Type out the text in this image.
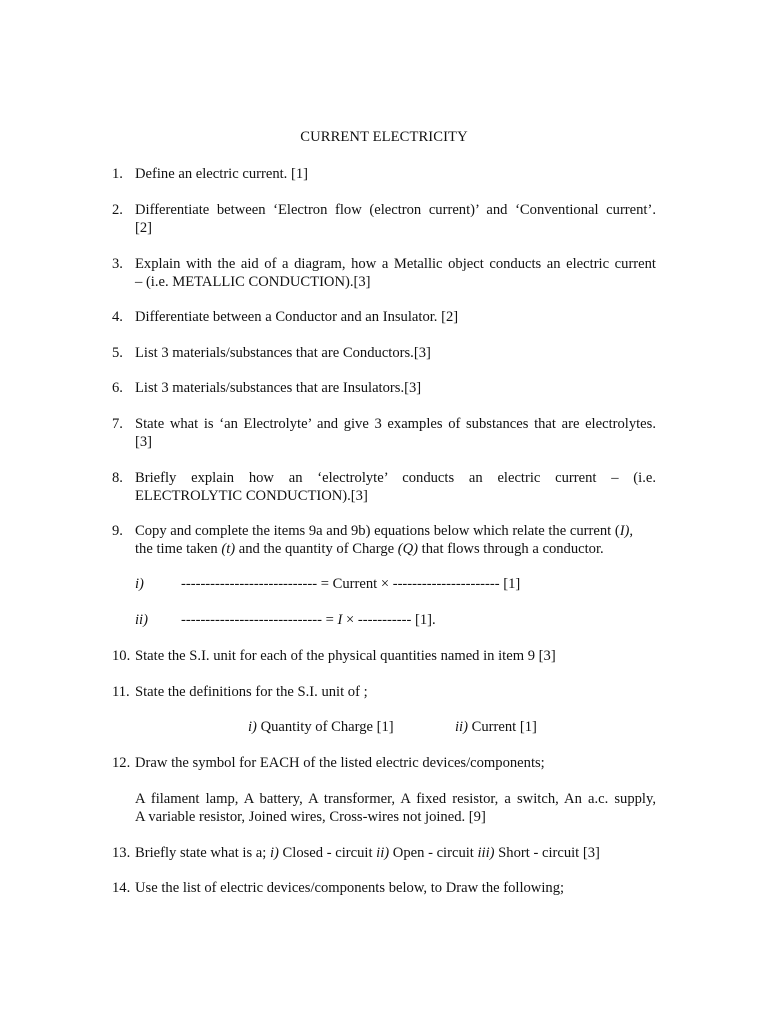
CURRENT ELECTRICITY
1. Define an electric current. [1]
2. Differentiate between ‘Electron flow (electron current)’ and ‘Conventional current’.
[2]
3. Explain with the aid of a diagram, how a Metallic object conducts an electric current
– (i.e. METALLIC CONDUCTION).[3]
4. Differentiate between a Conductor and an Insulator. [2]
5. List 3 materials/substances that are Conductors.[3]
6. List 3 materials/substances that are Insulators.[3]
7. State what is ‘an Electrolyte’ and give 3 examples of substances that are electrolytes.
[3]
8. Briefly explain how an ‘electrolyte’ conducts an electric current – (i.e.
ELECTROLYTIC CONDUCTION).[3]
9. Copy and complete the items 9a and 9b) equations below which relate the current (I),
the time taken (t) and the quantity of Charge (Q) that flows through a conductor.
i)	---------------------------- = Current × ---------------------- [1]
ii) ----------------------------- = I × ----------- [1].
10. State the S.I. unit for each of the physical quantities named in item 9 [3]
11. State the definitions for the S.I. unit of ;
i) Quantity of Charge [1]	ii) Current [1]
12. Draw the symbol for EACH of the listed electric devices/components;
A filament lamp, A battery, A transformer, A fixed resistor, a switch, An a.c. supply,
A variable resistor, Joined wires, Cross-wires not joined. [9]
13. Briefly state what is a; i) Closed - circuit ii) Open - circuit iii) Short - circuit [3]
14. Use the list of electric devices/components below, to Draw the following;
